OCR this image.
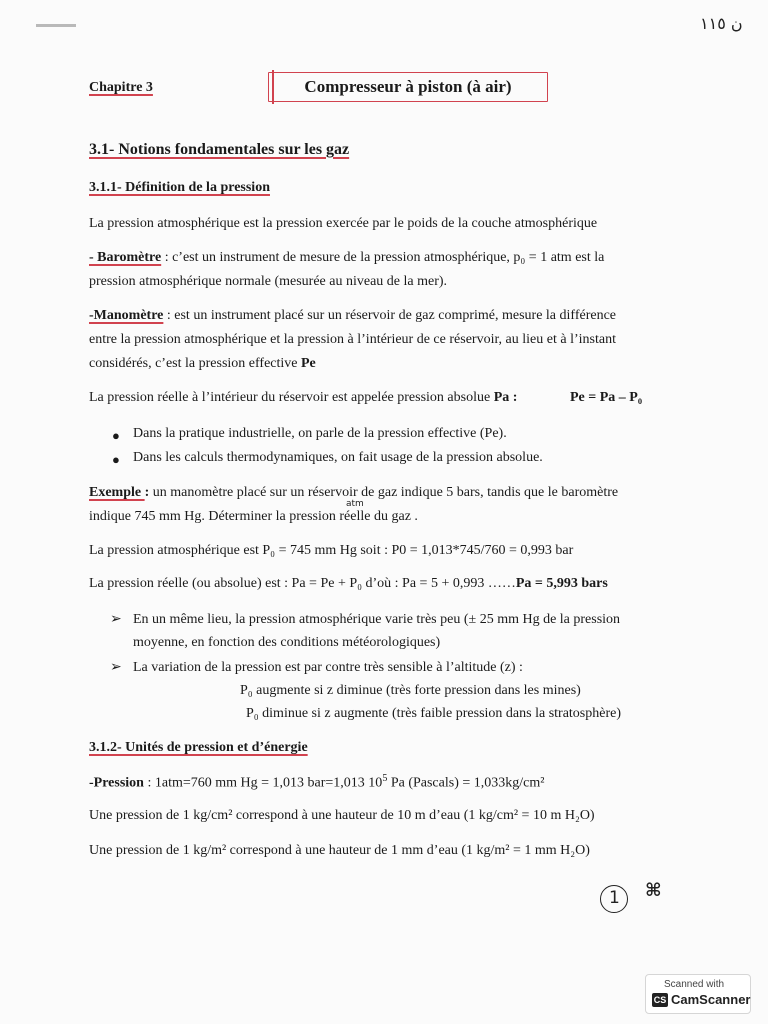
ن ١١٥
Chapitre 3	Compresseur à piston (à air)
3.1- Notions fondamentales sur les gaz
3.1.1- Définition de la pression
La pression atmosphérique est la pression exercée par le poids de la couche atmosphérique
- Baromètre : c’est un instrument de mesure de la pression atmosphérique, p₀ = 1 atm est la
pression atmosphérique normale (mesurée au niveau de la mer).
-Manomètre : est un instrument placé sur un réservoir de gaz comprimé, mesure la différence
entre la pression atmosphérique et la pression à l’intérieur de ce réservoir, au lieu et à l’instant
considérés, c’est la pression effective Pe
La pression réelle à l’intérieur du réservoir est appelée pression absolue Pa :	Pe = Pa – P₀
● Dans la pratique industrielle, on parle de la pression effective (Pe).
● Dans les calculs thermodynamiques, on fait usage de la pression absolue.
Exemple : un manomètre placé sur un réservoir de gaz indique 5 bars, tandis que le baromètre
indique 745 mm Hg. Déterminer la pression réelle du gaz .
atm
La pression atmosphérique est P₀ = 745 mm Hg soit : P0 = 1,013*745/760 = 0,993 bar
La pression réelle (ou absolue) est : Pa = Pe + P₀ d’où : Pa = 5 + 0,993 ……Pa = 5,993 bars
➢ En un même lieu, la pression atmosphérique varie très peu (± 25 mm Hg de la pression
moyenne, en fonction des conditions météorologiques)
➢ La variation de la pression est par contre très sensible à l’altitude (z) :
P₀ augmente si z diminue (très forte pression dans les mines)
P₀ diminue si z augmente (très faible pression dans la stratosphère)
3.1.2- Unités de pression et d’énergie
-Pression : 1atm=760 mm Hg = 1,013 bar=1,013 $10^5$ Pa (Pascals) = 1,033kg/cm²
Une pression de 1 kg/cm² correspond à une hauteur de 10 m d’eau (1 kg/cm² = 10 m H₂O)
Une pression de 1 kg/m² correspond à une hauteur de 1 mm d’eau (1 kg/m² = 1 mm H₂O)
1 ⌘
Scanned with
CS CamScanner
